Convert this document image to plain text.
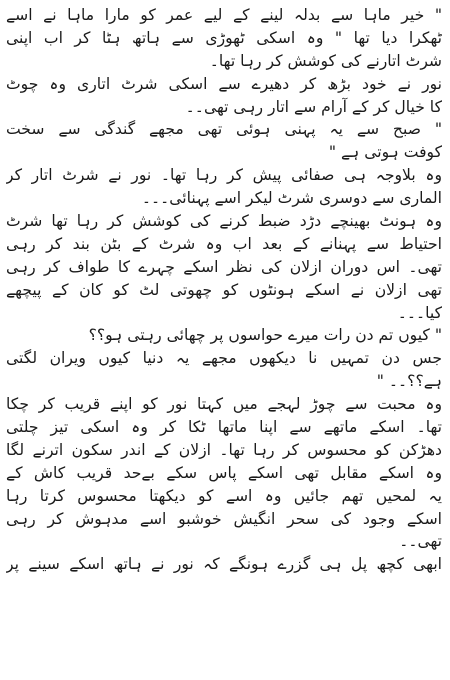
" خیر ماہا سے بدلہ لینے کے لیے عمر کو مارا ماہا نے اسے
ٹھکرا دیا تھا " وہ اسکی ٹھوڑی سے ہاتھ ہٹا کر اب اپنی
شرٹ اتارنے کی کوشش کر رہا تھا۔
نور نے خود بڑھ کر دھیرے سے اسکی شرٹ اتاری وہ چوٹ
کا خیال کر کے آرام سے اتار رہی تھی۔۔
" صبح سے یہ پہنی ہوئی تھی مجھے گندگی سے سخت
کوفت ہوتی ہے "
وہ بلاوجہ ہی صفائی پیش کر رہا تھا۔ نور نے شرٹ اتار کر
الماری سے دوسری شرٹ لیکر اسے پہنائی۔۔۔
وہ ہونٹ بھینچے دڑد ضبط کرنے کی کوشش کر رہا تھا شرٹ
احتیاط سے پہنانے کے بعد اب وہ شرٹ کے بٹن بند کر رہی
تھی۔ اس دوران ازلان کی نظر اسکے چہرے کا طواف کر رہی
تھی ازلان نے اسکے ہونٹوں کو چھوتی لٹ کو کان کے پیچھے
کیا۔۔۔
" کیوں تم دن رات میرے حواسوں پر چھائی رہتی ہو؟؟
جس دن تمہیں نا دیکھوں مجھے یہ دنیا کیوں ویران لگتی
ہے؟؟۔۔ "
وہ محبت سے چوڑ لہجے میں کہتا نور کو اپنے قریب کر چکا
تھا۔ اسکے ماتھے سے اپنا ماتھا ٹکا کر وہ اسکی تیز چلتی
دھڑکن کو محسوس کر رہا تھا۔ ازلان کے اندر سکون اترنے لگا
وہ اسکے مقابل تھی اسکے پاس سکے بےحد قریب کاش کے
یہ لمحیں تھم جائیں وہ اسے کو دیکھتا محسوس کرتا رہا
اسکے وجود کی سحر انگیش خوشبو اسے مدہوش کر رہی
تھی۔۔
ابھی کچھ پل ہی گزرے ہونگے کہ نور نے ہاتھ اسکے سینے پر
